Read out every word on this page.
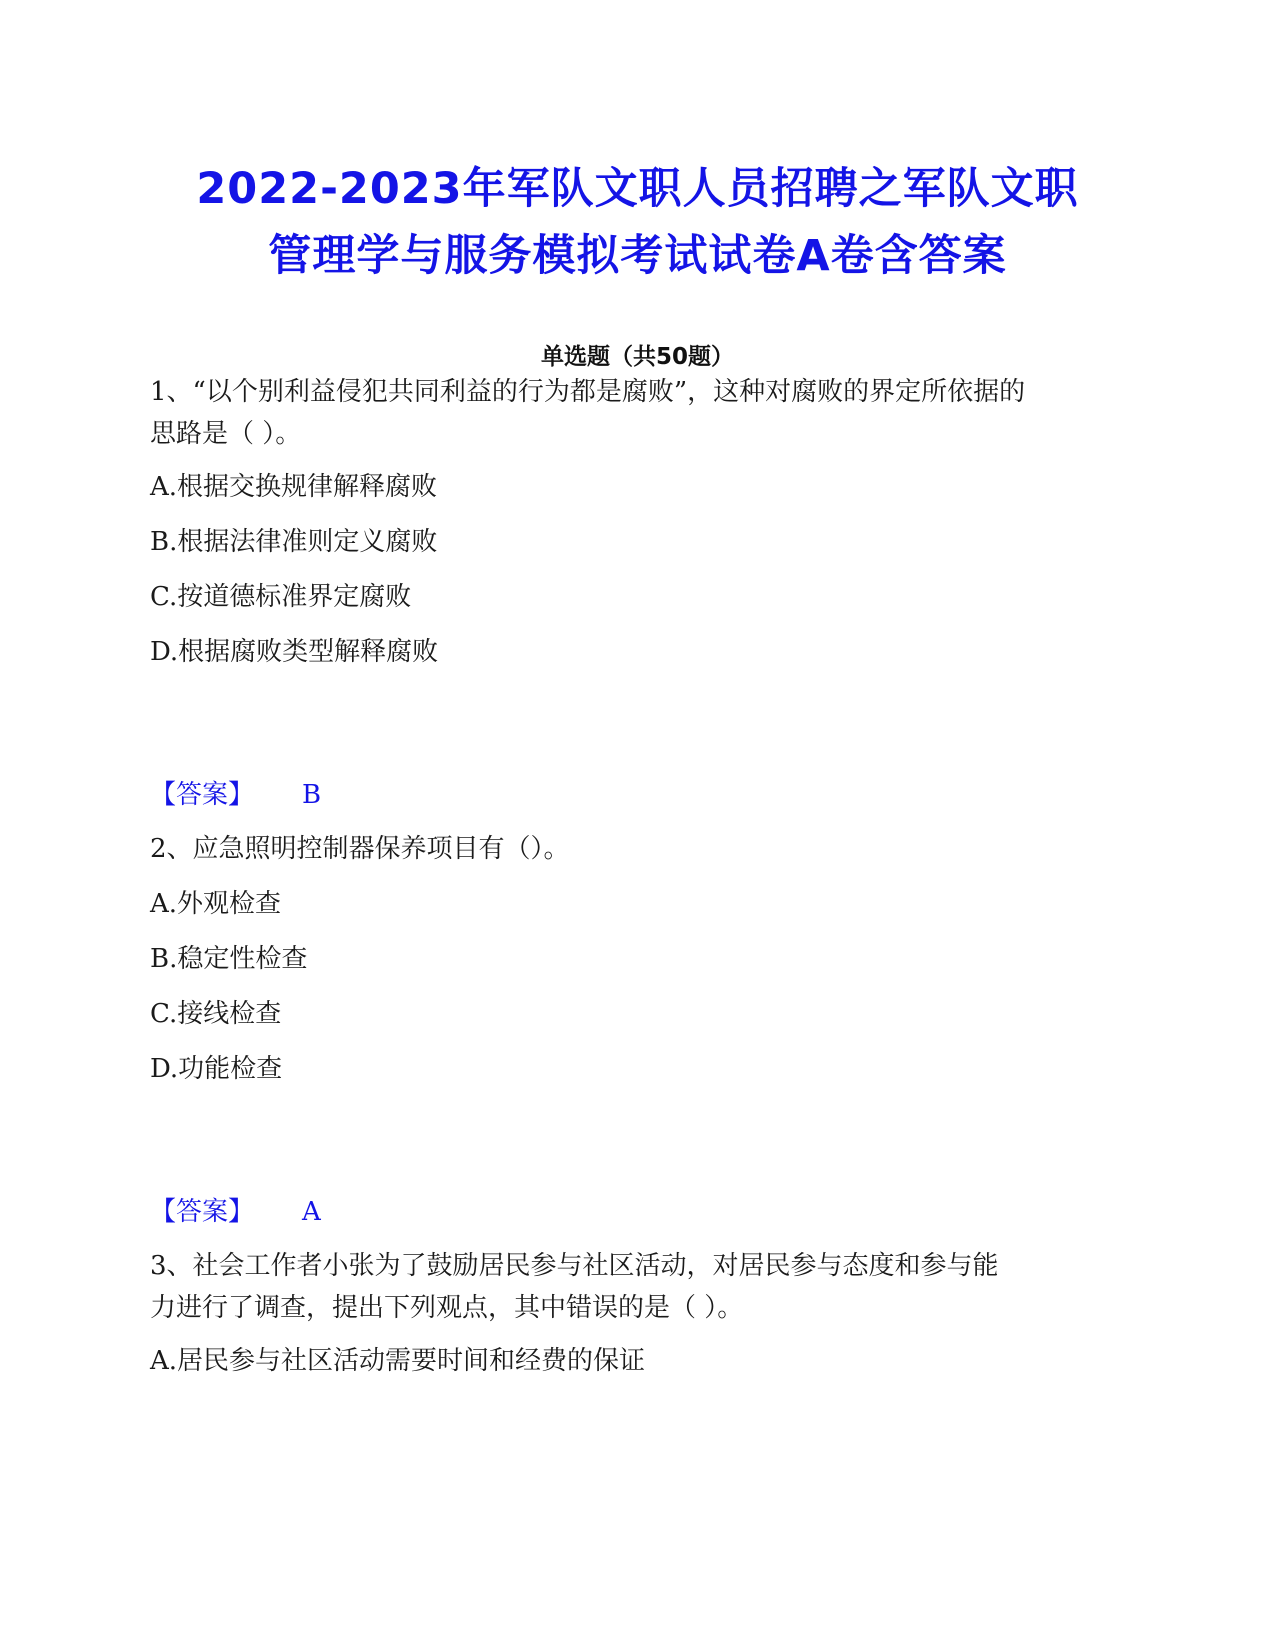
2022-2023年军队文职人员招聘之军队文职
管理学与服务模拟考试试卷A卷含答案
单选题（共50题）
1、“以个别利益侵犯共同利益的行为都是腐败”，这种对腐败的界定所依据的
思路是（ ）。
A.根据交换规律解释腐败
B.根据法律准则定义腐败
C.按道德标准界定腐败
D.根据腐败类型解释腐败
【答案】 B
2、应急照明控制器保养项目有（）。
A.外观检查
B.稳定性检查
C.接线检查
D.功能检查
【答案】 A
3、社会工作者小张为了鼓励居民参与社区活动，对居民参与态度和参与能
力进行了调查，提出下列观点，其中错误的是（ ）。
A.居民参与社区活动需要时间和经费的保证
